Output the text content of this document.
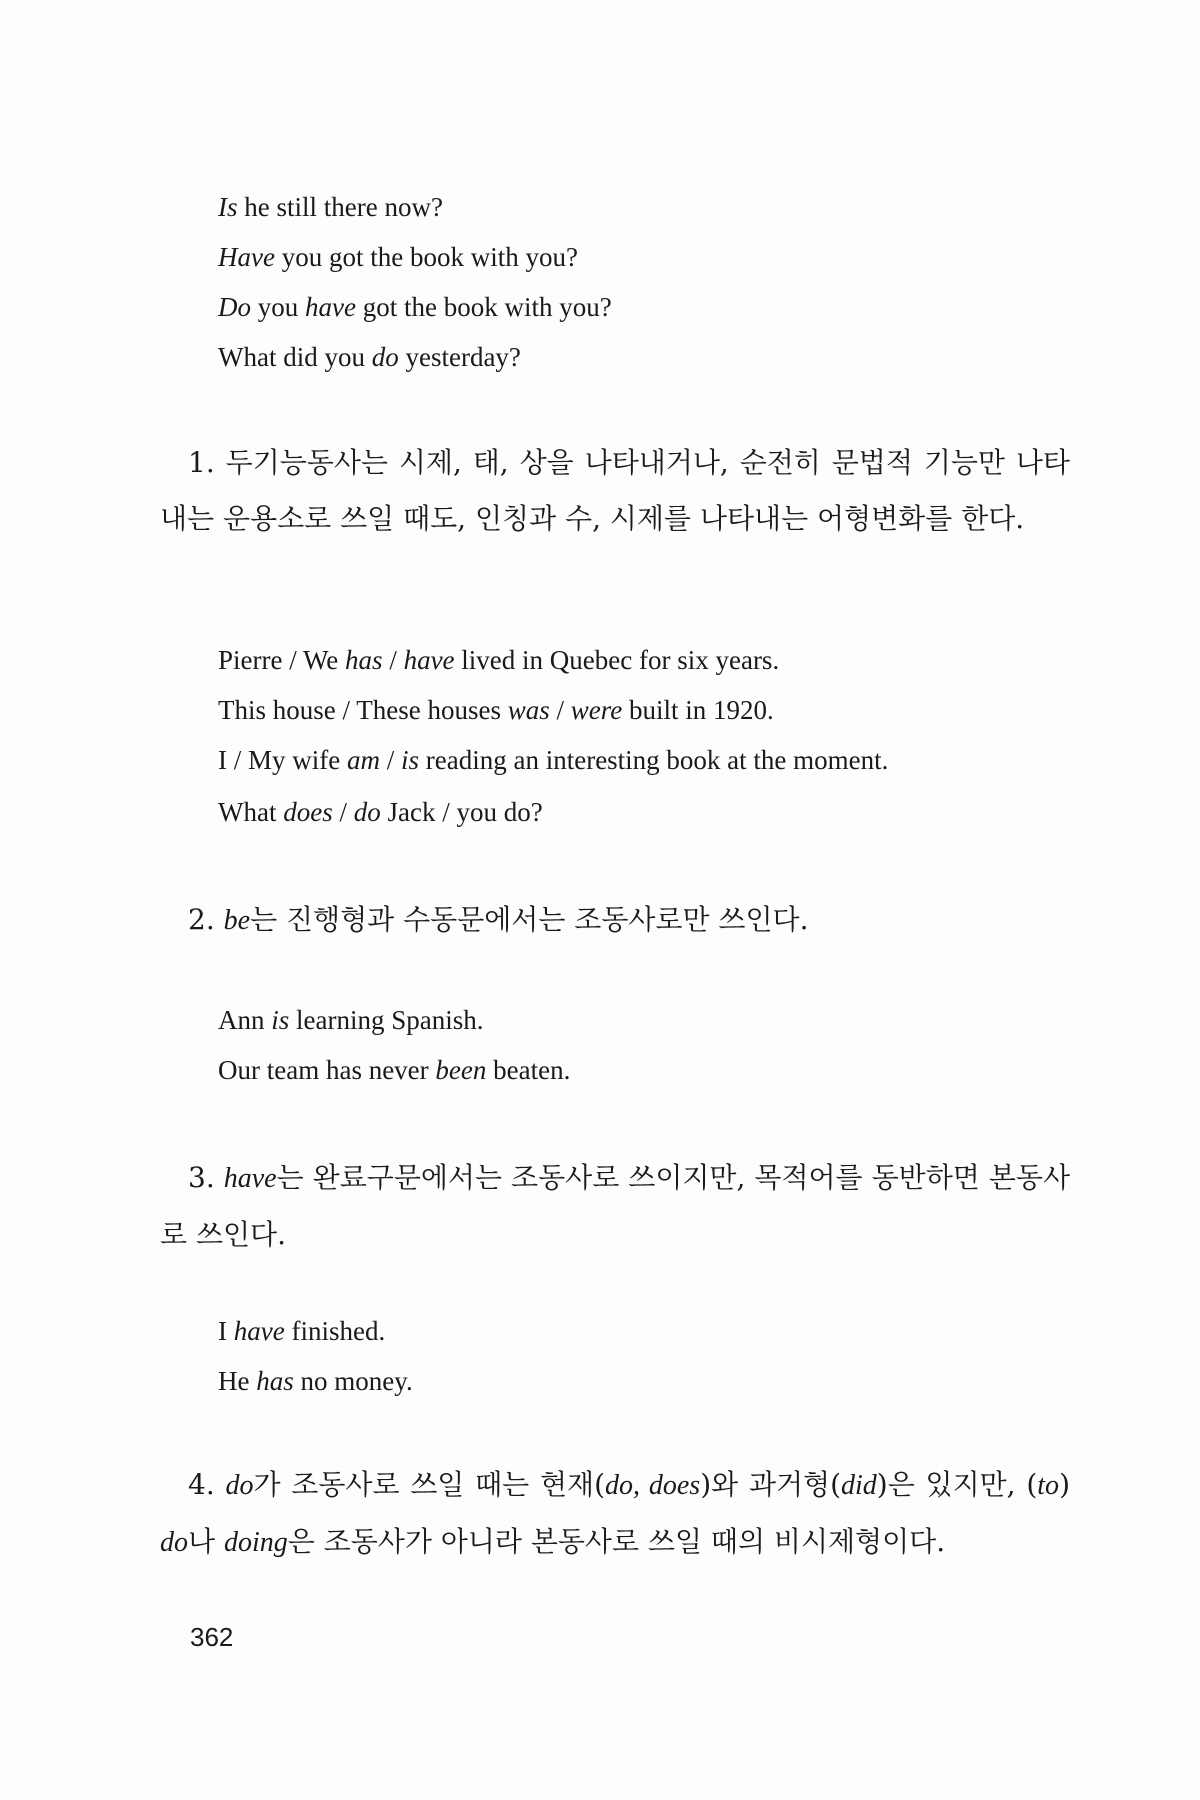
Is he still there now?

Have you got the book with you?

Do you have got the book with you?

What did you do yesterday?

1. 두기능동사는 시제, 태, 상을 나타내거나, 순전히 문법적 기능만 나타내는 운용소로 쓰일 때도, 인칭과 수, 시제를 나타내는 어형변화를 한다.

Pierre / We has / have lived in Quebec for six years.

This house / These houses was / were built in 1920.

I / My wife am / is reading an interesting book at the moment.

What does / do Jack / you do?

2. be는 진행형과 수동문에서는 조동사로만 쓰인다.

Ann is learning Spanish.

Our team has never been beaten.

3. have는 완료구문에서는 조동사로 쓰이지만, 목적어를 동반하면 본동사로 쓰인다.

I have finished.

He has no money.

4. do가 조동사로 쓰일 때는 현재(do, does)와 과거형(did)은 있지만, (to) do나 doing은 조동사가 아니라 본동사로 쓰일 때의 비시제형이다.

362
